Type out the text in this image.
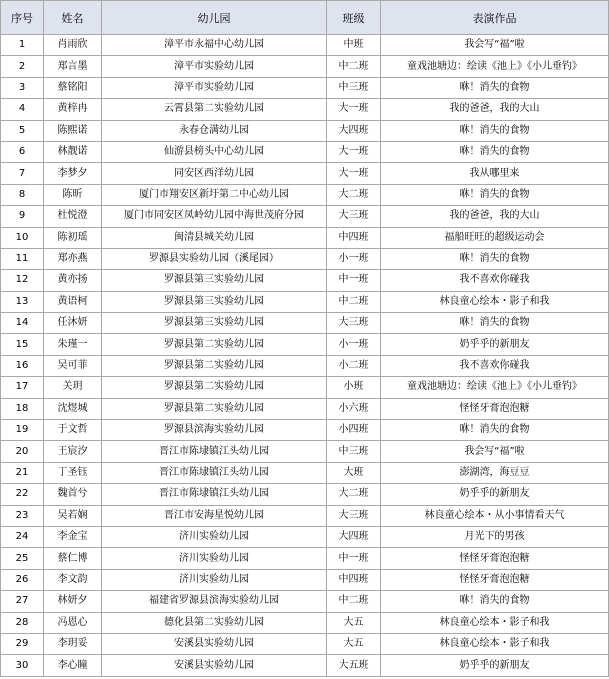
序号	姓名	幼儿园	班级	表演作品
1	肖雨欣	漳平市永福中心幼儿园	中班	我会写“福”啦
2	郑言墨	漳平市实验幼儿园	中二班	童戏池塘边：绘读《池上》《小儿垂钓》
3	蔡铭阳	漳平市实验幼儿园	中三班	咻！消失的食物
4	黄梓冉	云霄县第二实验幼儿园	大一班	我的爸爸，我的大山
5	陈熙诺	永春仓满幼儿园	大四班	咻！消失的食物
6	林靓诺	仙游县榜头中心幼儿园	大一班	咻！消失的食物
7	李梦夕	同安区西洋幼儿园	大一班	我从哪里来
8	陈昕	厦门市翔安区新圩第二中心幼儿园	大二班	咻！消失的食物
9	杜悦澄	厦门市同安区凤岭幼儿园中海世茂府分园	大三班	我的爸爸，我的大山
10	陈初瑶	闽清县城关幼儿园	中四班	福船旺旺的超级运动会
11	郑亦燕	罗源县实验幼儿园（溪尾园）	小一班	咻！消失的食物
12	黄亦扬	罗源县第三实验幼儿园	中一班	我不喜欢你碰我
13	黄语柯	罗源县第三实验幼儿园	中二班	林良童心绘本・影子和我
14	任沐妍	罗源县第三实验幼儿园	大三班	咻！消失的食物
15	朱瑾一	罗源县第二实验幼儿园	小一班	奶乎乎的新朋友
16	吴可菲	罗源县第二实验幼儿园	小二班	我不喜欢你碰我
17	关玥	罗源县第二实验幼儿园	小班	童戏池塘边：绘读《池上》《小儿垂钓》
18	沈煜城	罗源县第二实验幼儿园	小六班	怪怪牙膏泡泡糖
19	于文哲	罗源县滨海实验幼儿园	小四班	咻！消失的食物
20	王宸汐	晋江市陈埭镇江头幼儿园	中三班	我会写“福”啦
21	丁圣钰	晋江市陈埭镇江头幼儿园	大班	澎湖湾，海豆豆
22	魏首兮	晋江市陈埭镇江头幼儿园	大二班	奶乎乎的新朋友
23	吴若娴	晋江市安海星悦幼儿园	大三班	林良童心绘本・从小事情看天气
24	李金宝	济川实验幼儿园	大四班	月光下的男孩
25	蔡仁博	济川实验幼儿园	中一班	怪怪牙膏泡泡糖
26	李文韵	济川实验幼儿园	中四班	怪怪牙膏泡泡糖
27	林妍夕	福建省罗源县滨海实验幼儿园	中二班	咻！消失的食物
28	冯恩心	德化县第二实验幼儿园	大五	林良童心绘本・影子和我
29	李玥妥	安溪县实验幼儿园	大五	林良童心绘本・影子和我
30	李心瞳	安溪县实验幼儿园	大五班	奶乎乎的新朋友
